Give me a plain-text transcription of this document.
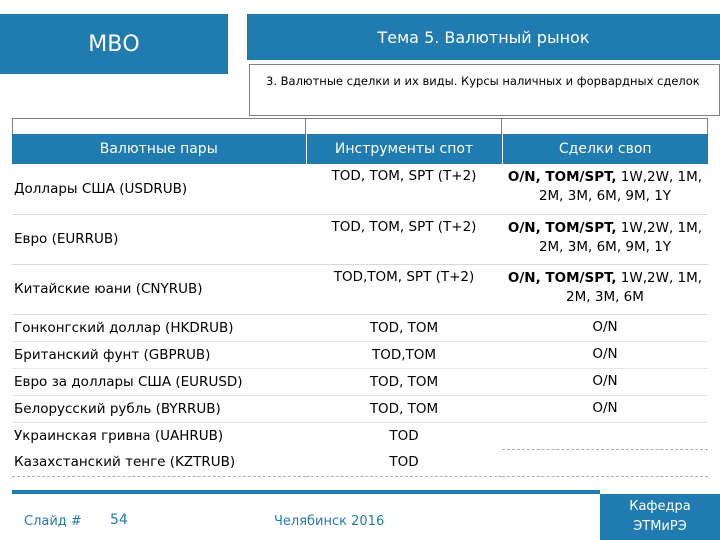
МВО	Тема 5. Валютный рынок
3. Валютные сделки и их виды. Курсы наличных и форвардных сделок
Валютные пары	Инструменты спот	Сделки своп
Доллары США (USDRUB)	TOD, TOM, SPT (T+2)	O/N, TOM/SPT, 1W,2W, 1M, 2M, 3M, 6M, 9M, 1Y
Евро (EURRUB)	TOD, TOM, SPT (T+2)	O/N, TOM/SPT, 1W,2W, 1M, 2M, 3M, 6M, 9M, 1Y
Китайские юани (CNYRUB)	TOD,TOM, SPT (T+2)	O/N, TOM/SPT, 1W,2W, 1M, 2M, 3M, 6M
Гонконгский доллар (HKDRUB)	TOD, TOM	O/N
Британский фунт (GBPRUB)	TOD,TOM	O/N
Евро за доллары США (EURUSD)	TOD, TOM	O/N
Белорусский рубль (BYRRUB)	TOD, TOM	O/N
Украинская гривна (UAHRUB)	TOD	
Казахстанский тенге (KZTRUB)	TOD	
Слайд # 54	Челябинск 2016
Кафедра
ЭТМиРЭ
